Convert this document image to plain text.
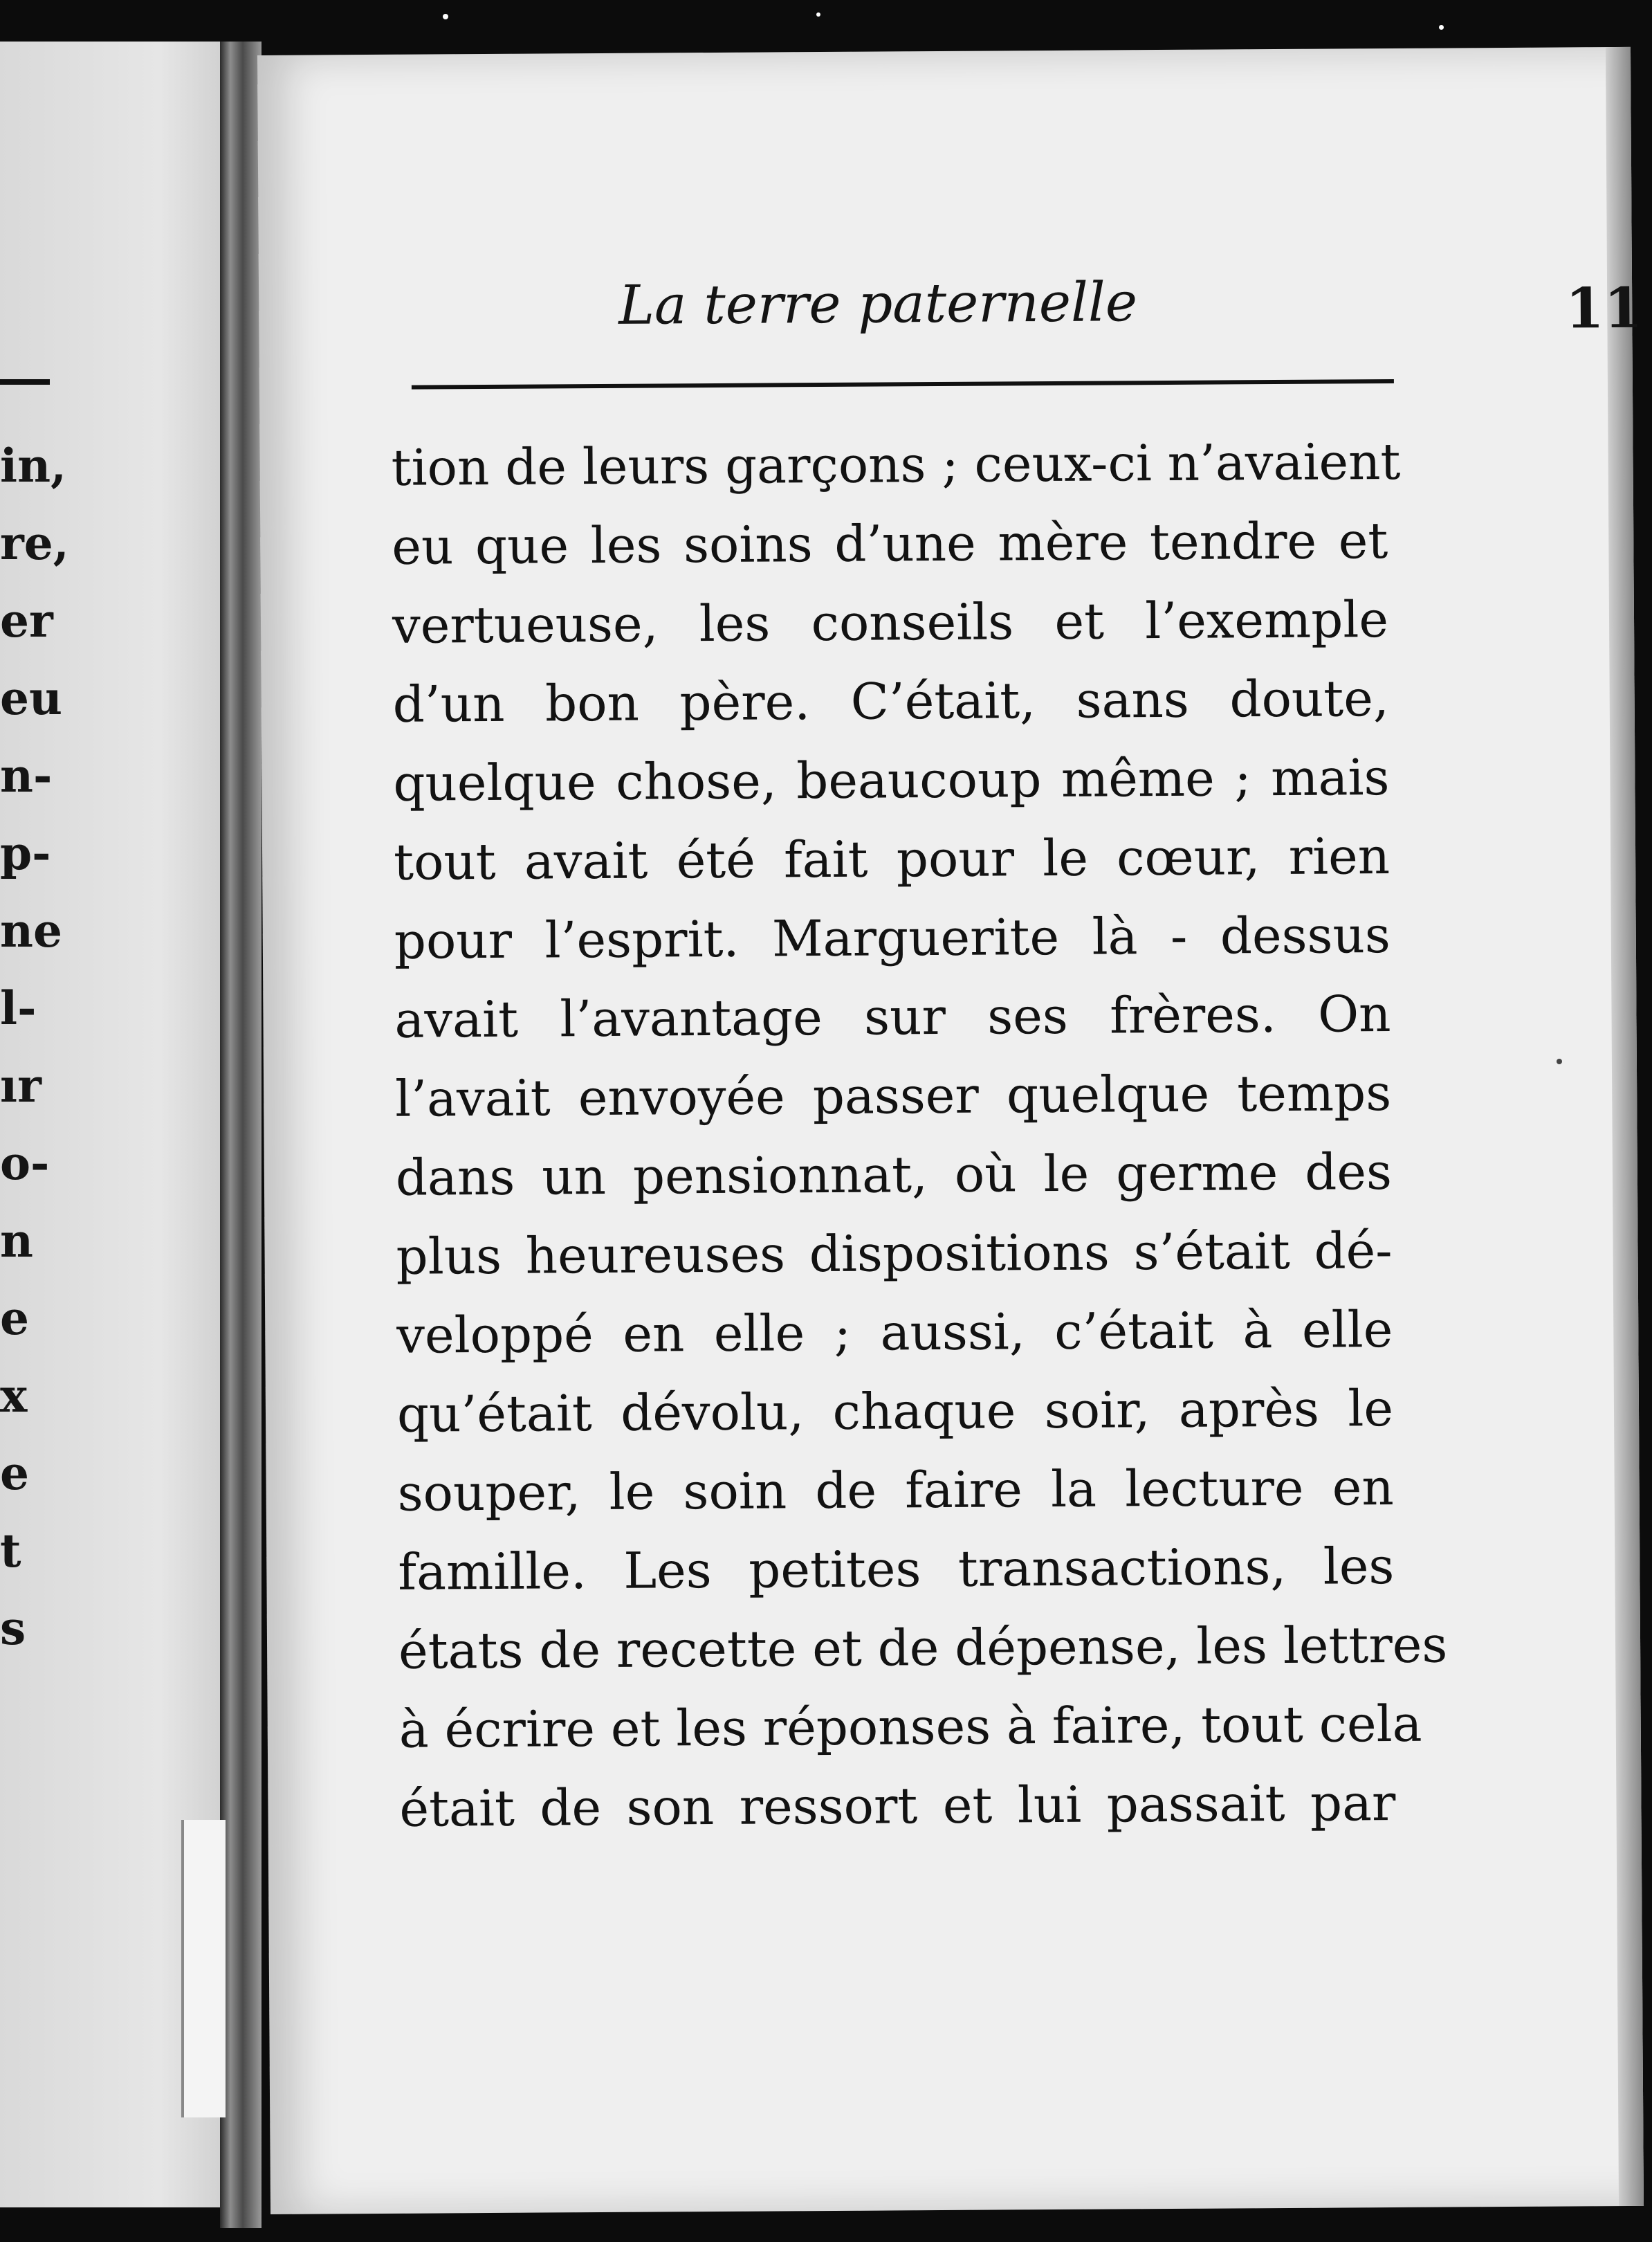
in,
re,
er
eu
n-
p-
ne
l-
ır
o-
n
e
x
e
t
s
La terre paternelle	11
tion de leurs garçons ; ceux-ci n’avaient
eu que les soins d’une mère tendre et
vertueuse, les conseils et l’exemple
d’un bon père. C’était, sans doute,
quelque chose, beaucoup même ; mais
tout avait été fait pour le cœur, rien
pour l’esprit. Marguerite là - dessus
avait l’avantage sur ses frères. On
l’avait envoyée passer quelque temps
dans un pensionnat, où le germe des
plus heureuses dispositions s’était dé-
veloppé en elle ; aussi, c’était à elle
qu’était dévolu, chaque soir, après le
souper, le soin de faire la lecture en
famille. Les petites transactions, les
états de recette et de dépense, les lettres
à écrire et les réponses à faire, tout cela
était de son ressort et lui passait par
